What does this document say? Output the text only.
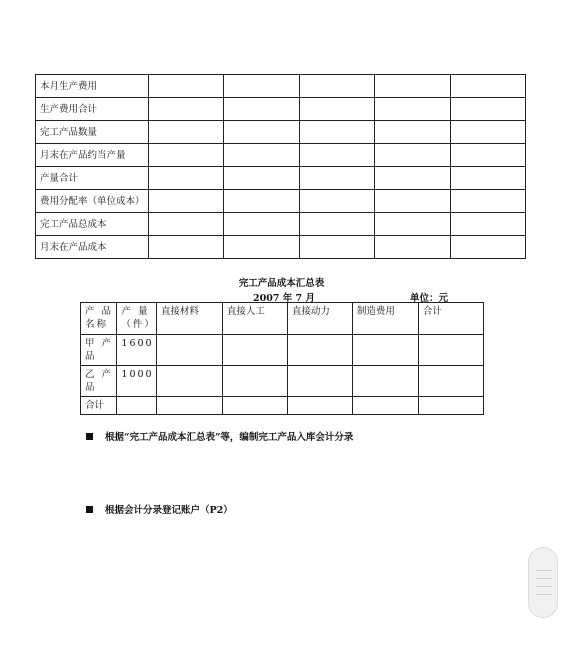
本月生产费用					
生产费用合计					
完工产品数量					
月末在产品约当产量					
产量合计					
费用分配率（单位成本）					
完工产品总成本					
月末在产品成本					
完工产品成本汇总表
2007 年 7 月	单位：元
产 品 名称	产 量 （件）	直接材料	直接人工	直接动力	制造费用	合计
甲 产 品	1600					
乙 产 品	1000					
合计						
根据“完工产品成本汇总表”等，编制完工产品入库会计分录
根据会计分录登记账户（P2）
